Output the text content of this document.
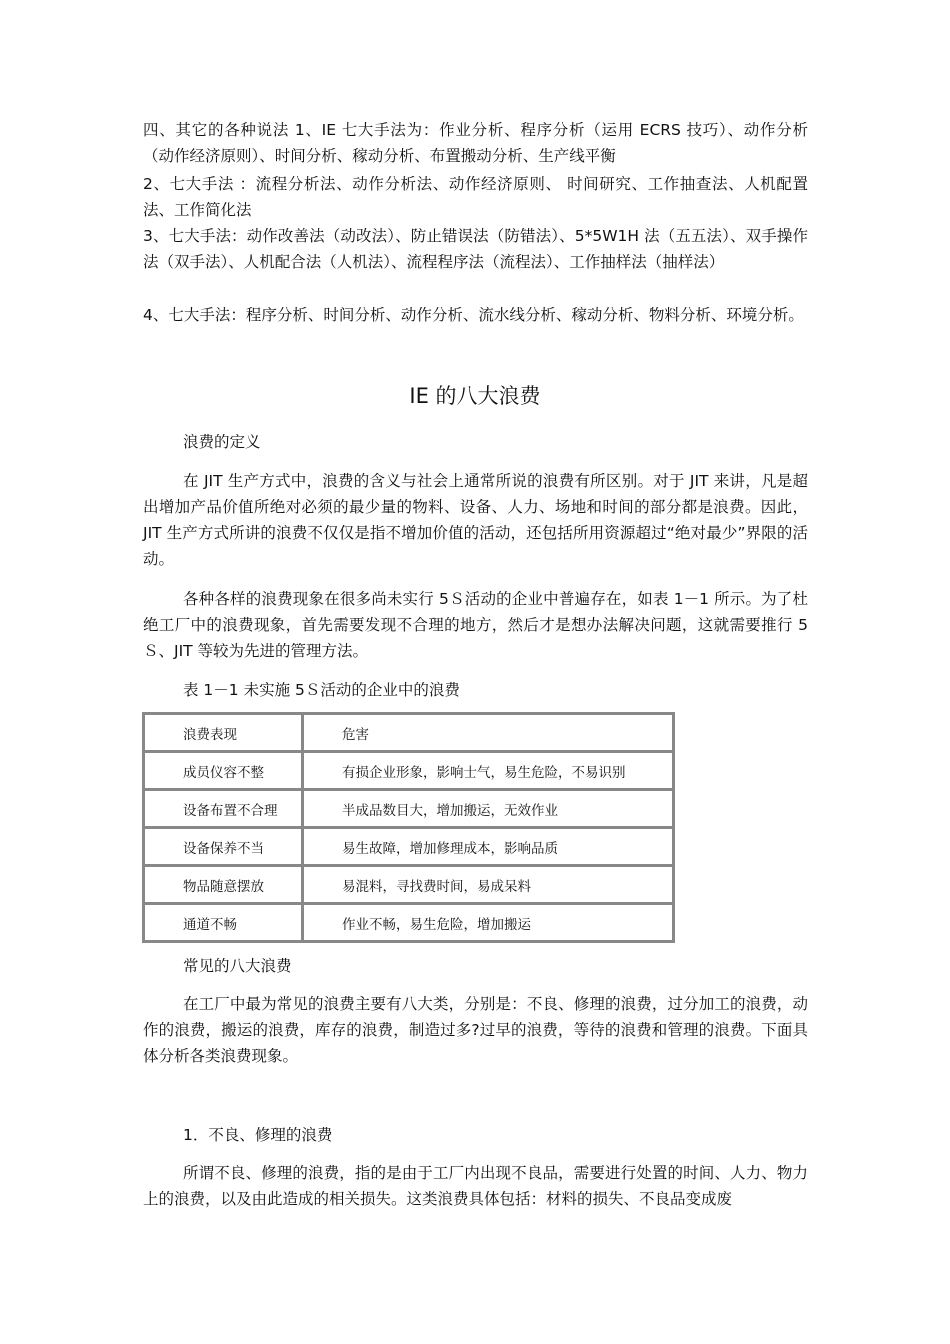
四、其它的各种说法 1、IE 七大手法为：作业分析、程序分析（运用 ECRS 技巧）、动作分析（动作经济原则）、时间分析、稼动分析、布置搬动分析、生产线平衡

2、七大手法 ：流程分析法、动作分析法、动作经济原则、 时间研究、工作抽查法、人机配置法、工作简化法

3、七大手法：动作改善法（动改法）、防止错误法（防错法）、5*5W1H 法（五五法）、双手操作法（双手法）、人机配合法（人机法）、流程程序法（流程法）、工作抽样法（抽样法）

4、七大手法：程序分析、时间分析、动作分析、流水线分析、稼动分析、物料分析、环境分析。

IE 的八大浪费

浪费的定义

在 JIT 生产方式中，浪费的含义与社会上通常所说的浪费有所区别。对于 JIT 来讲，凡是超出增加产品价值所绝对必须的最少量的物料、设备、人力、场地和时间的部分都是浪费。因此，JIT 生产方式所讲的浪费不仅仅是指不增加价值的活动，还包括所用资源超过“绝对最少”界限的活动。

各种各样的浪费现象在很多尚未实行 5Ｓ活动的企业中普遍存在，如表 1－1 所示。为了杜绝工厂中的浪费现象，首先需要发现不合理的地方，然后才是想办法解决问题，这就需要推行 5Ｓ、JIT 等较为先进的管理方法。

表 1－1 未实施 5Ｓ活动的企业中的浪费

浪费表现	危害
成员仪容不整	有损企业形象，影响士气，易生危险，不易识别
设备布置不合理	半成品数目大，增加搬运，无效作业
设备保养不当	易生故障，增加修理成本，影响品质
物品随意摆放	易混料，寻找费时间，易成呆料
通道不畅	作业不畅，易生危险，增加搬运

常见的八大浪费

在工厂中最为常见的浪费主要有八大类，分别是：不良、修理的浪费，过分加工的浪费，动作的浪费，搬运的浪费，库存的浪费，制造过多?过早的浪费，等待的浪费和管理的浪费。下面具体分析各类浪费现象。

1．不良、修理的浪费

所谓不良、修理的浪费，指的是由于工厂内出现不良品，需要进行处置的时间、人力、物力上的浪费，以及由此造成的相关损失。这类浪费具体包括：材料的损失、不良品变成废
